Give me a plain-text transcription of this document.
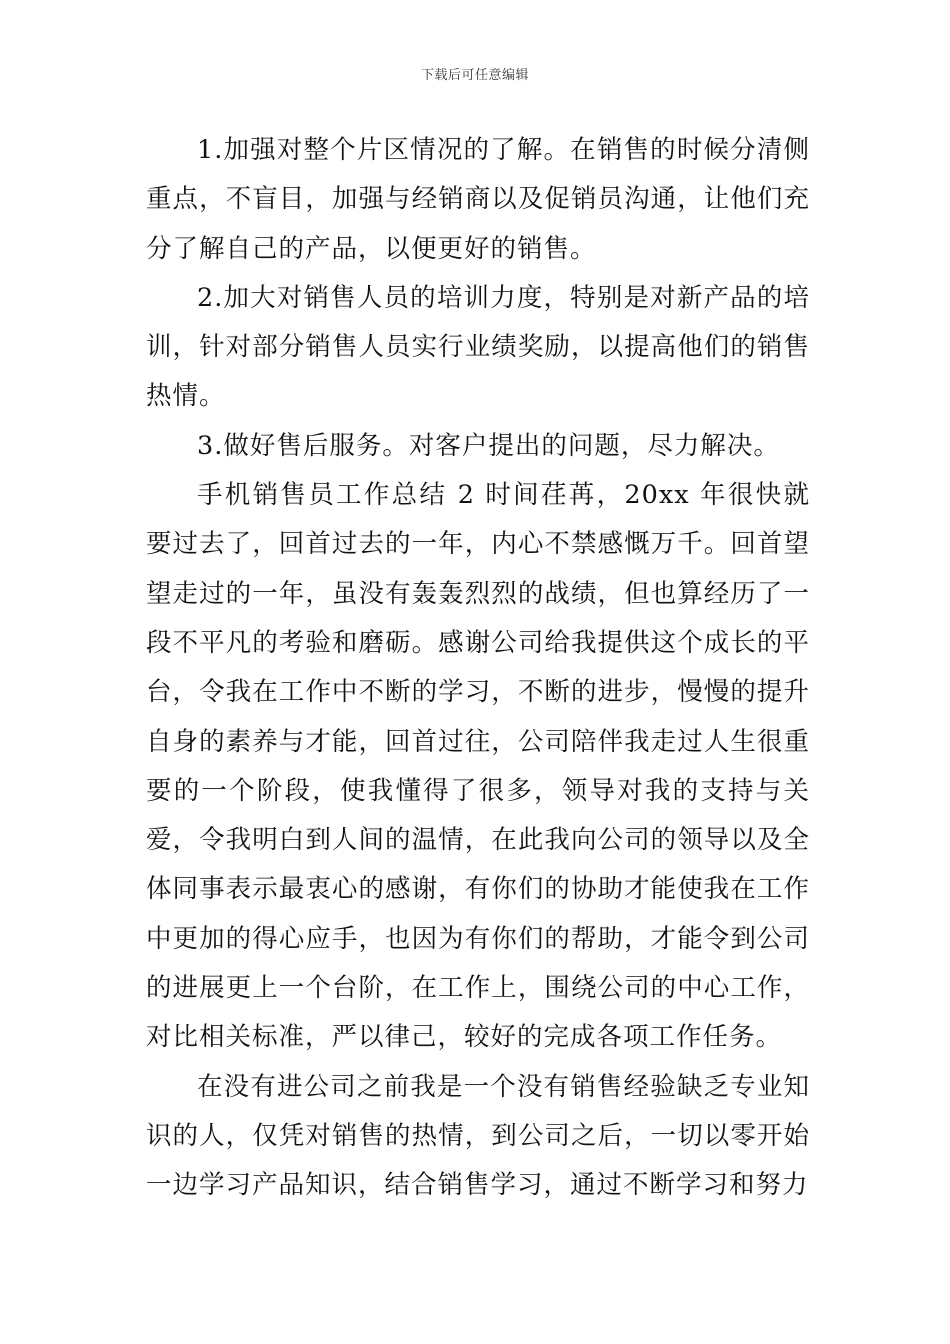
下载后可任意编辑

1.加强对整个片区情况的了解。在销售的时候分清侧重点，不盲目，加强与经销商以及促销员沟通，让他们充分了解自己的产品，以便更好的销售。

2.加大对销售人员的培训力度，特别是对新产品的培训，针对部分销售人员实行业绩奖励，以提高他们的销售热情。

3.做好售后服务。对客户提出的问题，尽力解决。

手机销售员工作总结 2 时间荏苒，20xx 年很快就要过去了，回首过去的一年，内心不禁感慨万千。回首望望走过的一年，虽没有轰轰烈烈的战绩，但也算经历了一段不平凡的考验和磨砺。感谢公司给我提供这个成长的平台，令我在工作中不断的学习，不断的进步，慢慢的提升自身的素养与才能，回首过往，公司陪伴我走过人生很重要的一个阶段，使我懂得了很多，领导对我的支持与关爱，令我明白到人间的温情，在此我向公司的领导以及全体同事表示最衷心的感谢，有你们的协助才能使我在工作中更加的得心应手，也因为有你们的帮助，才能令到公司的进展更上一个台阶，在工作上，围绕公司的中心工作，对比相关标准，严以律己，较好的完成各项工作任务。

在没有进公司之前我是一个没有销售经验缺乏专业知识的人，仅凭对销售的热情，到公司之后，一切以零开始一边学习产品知识，结合销售学习，通过不断学习和努力
